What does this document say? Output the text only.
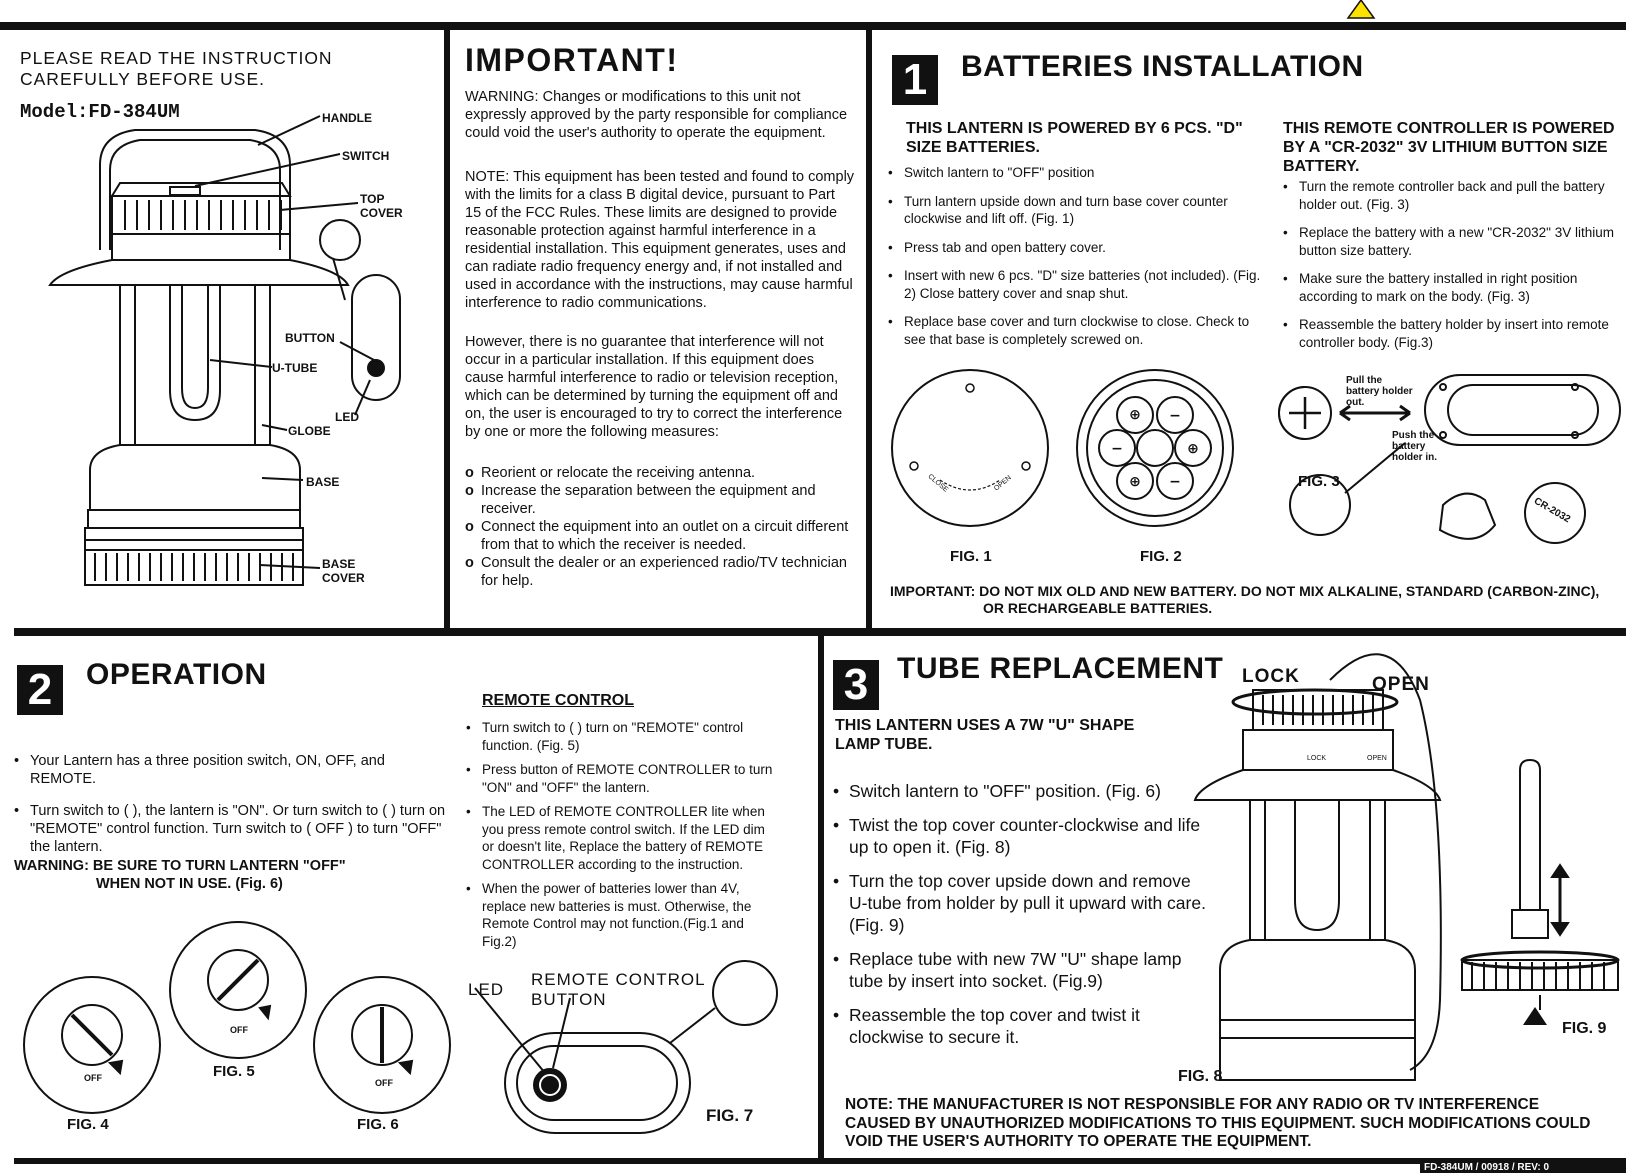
PLEASE READ THE INSTRUCTION CAREFULLY BEFORE USE.
Model:FD-384UM	HANDLE
SWITCH
TOP COVER
BUTTON
U-TUBE
LED
GLOBE
BASE
BASE COVER
IMPORTANT!
WARNING: Changes or modifications to this unit not expressly approved by the party responsible for compliance could void the user's authority to operate the equipment.
NOTE: This equipment has been tested and found to comply with the limits for a class B digital device, pursuant to Part 15 of the FCC Rules. These limits are designed to provide reasonable protection against harmful interference in a residential installation. This equipment generates, uses and can radiate radio frequency energy and, if not installed and used in accordance with the instructions, may cause harmful interference to radio communications.
However, there is no guarantee that interference will not occur in a particular installation. If this equipment does cause harmful interference to radio or television reception, which can be determined by turning the equipment off and on, the user is encouraged to try to correct the interference by one or more the following measures:
o Reorient or relocate the receiving antenna.
o Increase the separation between the equipment and receiver.
o Connect the equipment into an outlet on a circuit different from that to which the receiver is needed.
o Consult the dealer or an experienced radio/TV technician for help.
1	BATTERIES INSTALLATION
THIS LANTERN IS POWERED BY 6 PCS. "D" SIZE BATTERIES.
• Switch lantern to "OFF" position
• Turn lantern upside down and turn base cover counter clockwise and lift off. (Fig. 1)
• Press tab and open battery cover.
• Insert with new 6 pcs. "D" size batteries (not included). (Fig. 2) Close battery cover and snap shut.
• Replace base cover and turn clockwise to close. Check to see that base is completely screwed on.
THIS REMOTE CONTROLLER IS POWERED BY A "CR-2032" 3V LITHIUM BUTTON SIZE BATTERY.
• Turn the remote controller back and pull the battery holder out. (Fig. 3)
• Replace the battery with a new "CR-2032" 3V lithium button size battery.
• Make sure the battery installed in right position according to mark on the body. (Fig. 3)
• Reassemble the battery holder by insert into remote controller body. (Fig.3)
CLOSE	OPEN
⊕ −
−	⊕
⊕ −
Pull the battery holder out.
Push the battery holder in.
CR-2032
FIG. 1	FIG. 2
FIG. 3
IMPORTANT: DO NOT MIX OLD AND NEW BATTERY. DO NOT MIX ALKALINE, STANDARD (CARBON-ZINC),
OR RECHARGEABLE BATTERIES.
2	OPERATION
• Your Lantern has a three position switch, ON, OFF, and REMOTE.
• Turn switch to ( ), the lantern is "ON". Or turn switch to ( ) turn on "REMOTE" control function. Turn switch to ( OFF ) to turn "OFF" the lantern.
WARNING: BE SURE TO TURN LANTERN "OFF"
WHEN NOT IN USE. (Fig. 6)
REMOTE CONTROL
• Turn switch to ( ) turn on "REMOTE" control function. (Fig. 5)
• Press button of REMOTE CONTROLLER to turn "ON" and "OFF" the lantern.
• The LED of REMOTE CONTROLLER lite when you press remote control switch. If the LED dim or doesn't lite, Replace the battery of REMOTE CONTROLLER according to the instruction.
• When the power of batteries lower than 4V, replace new batteries is must. Otherwise, the Remote Control may not function.(Fig.1 and Fig.2)
OFF
OFF
OFF
FIG. 4
FIG. 5
FIG. 6
LED
REMOTE CONTROL BUTTON
FIG. 7
3 TUBE REPLACEMENT LOCK	OPEN
THIS LANTERN USES A 7W "U" SHAPE LAMP TUBE.
• Switch lantern to "OFF" position. (Fig. 6)
• Twist the top cover counter-clockwise and life up to open it. (Fig. 8)
• Turn the top cover upside down and remove U-tube from holder by pull it upward with care. (Fig. 9)
• Replace tube with new 7W "U" shape lamp tube by insert into socket. (Fig.9)
• Reassemble the top cover and twist it clockwise to secure it.
LOCK	OPEN
FIG. 8
FIG. 9
NOTE: THE MANUFACTURER IS NOT RESPONSIBLE FOR ANY RADIO OR TV INTERFERENCE CAUSED BY UNAUTHORIZED MODIFICATIONS TO THIS EQUIPMENT. SUCH MODIFICATIONS COULD VOID THE USER'S AUTHORITY TO OPERATE THE EQUIPMENT.
FD-384UM / 00918 / REV: 0
